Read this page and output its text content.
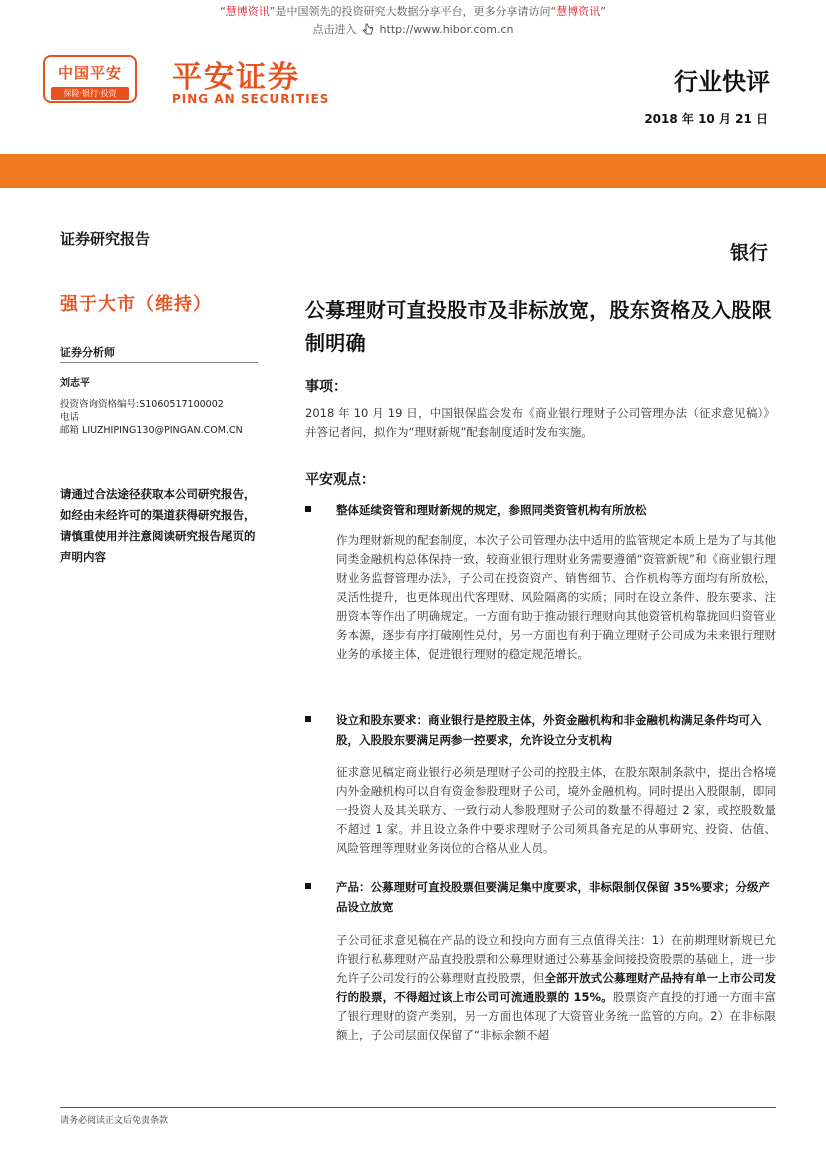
“慧博资讯”是中国领先的投资研究大数据分享平台，更多分享请访问“慧博资讯”
点击进入 http://www.hibor.com.cn
中国平安
保险·银行·投资	平安证券
PING AN SECURITIES
行业快评
2018 年 10 月 21 日
证券研究报告
银行
强于大市（维持）
证券分析师
刘志平
投资咨询资格编号:S1060517100002
电话
邮箱 LIUZHIPING130@PINGAN.COM.CN
请通过合法途径获取本公司研究报告，如经由未经许可的渠道获得研究报告，请慎重使用并注意阅读研究报告尾页的声明内容
公募理财可直投股市及非标放宽，股东资格及入股限制明确
事项：
2018 年 10 月 19 日，中国银保监会发布《商业银行理财子公司管理办法（征求意见稿）》并答记者问，拟作为“理财新规”配套制度适时发布实施。
平安观点：
整体延续资管和理财新规的规定，参照同类资管机构有所放松
作为理财新规的配套制度，本次子公司管理办法中适用的监管规定本质上是为了与其他同类金融机构总体保持一致，较商业银行理财业务需要遵循“资管新规”和《商业银行理财业务监督管理办法》，子公司在投资资产、销售细节、合作机构等方面均有所放松，灵活性提升，也更体现出代客理财、风险隔离的实质；同时在设立条件、股东要求、注册资本等作出了明确规定。一方面有助于推动银行理财向其他资管机构靠拢回归资管业务本源，逐步有序打破刚性兑付，另一方面也有利于确立理财子公司成为未来银行理财业务的承接主体，促进银行理财的稳定规范增长。
设立和股东要求：商业银行是控股主体，外资金融机构和非金融机构满足条件均可入股，入股股东要满足两参一控要求，允许设立分支机构
征求意见稿定商业银行必须是理财子公司的控股主体，在股东限制条款中，提出合格境内外金融机构可以自有资金参股理财子公司，境外金融机构。同时提出入股限制，即同一投资人及其关联方、一致行动人参股理财子公司的数量不得超过 2 家，或控股数量不超过 1 家。并且设立条件中要求理财子公司须具备充足的从事研究、投资、估值、风险管理等理财业务岗位的合格从业人员。
产品：公募理财可直投股票但要满足集中度要求，非标限制仅保留 35%要求；分级产品设立放宽
子公司征求意见稿在产品的设立和投向方面有三点值得关注：1）在前期理财新规已允许银行私募理财产品直投股票和公募理财通过公募基金间接投资股票的基础上，进一步允许子公司发行的公募理财直投股票，但全部开放式公募理财产品持有单一上市公司发行的股票，不得超过该上市公司可流通股票的 15%。股票资产直投的打通一方面丰富了银行理财的资产类别，另一方面也体现了大资管业务统一监管的方向。2）在非标限额上，子公司层面仅保留了“非标余额不超
请务必阅读正文后免责条款
